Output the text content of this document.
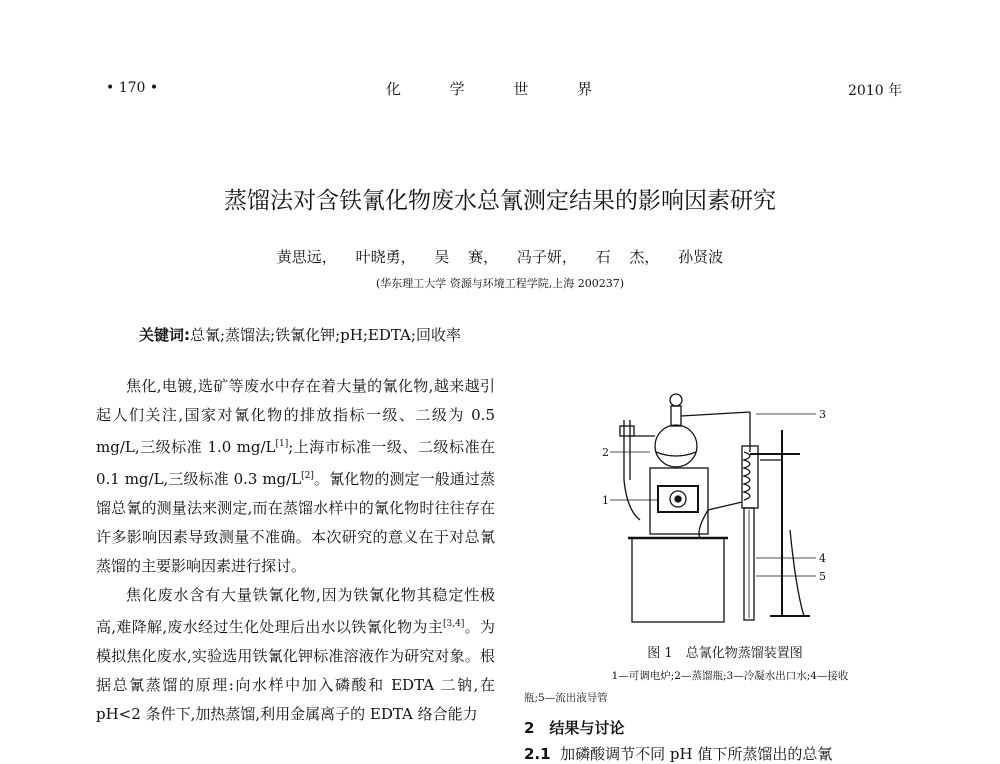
• 170 •	化 学 世 界	2010 年
蒸馏法对含铁氰化物废水总氰测定结果的影响因素研究
黄思远， 叶晓勇， 吴 赛， 冯子妍， 石 杰， 孙贤波
(华东理工大学 资源与环境工程学院,上海 200237)
关键词:总氰;蒸馏法;铁氰化钾;pH;EDTA;回收率

焦化,电镀,选矿等废水中存在着大量的氰化物,越来越引起人们关注,国家对氰化物的排放指标一级、二级为 0.5 mg/L,三级标准 1.0 mg/L[1];上海市标准一级、二级标准在 0.1 mg/L,三级标准 0.3 mg/L[2]。氰化物的测定一般通过蒸馏总氰的测量法来测定,而在蒸馏水样中的氰化物时往往存在许多影响因素导致测量不准确。本次研究的意义在于对总氰蒸馏的主要影响因素进行探讨。

焦化废水含有大量铁氰化物,因为铁氰化物其稳定性极高,难降解,废水经过生化处理后出水以铁氰化物为主[3,4]。为模拟焦化废水,实验选用铁氰化钾标准溶液作为研究对象。根据总氰蒸馏的原理:向水样中加入磷酸和 EDTA 二钠,在 pH<2 条件下,加热蒸馏,利用金属离子的 EDTA 络合能力

2
1
3
4
5
图 1　总氰化物蒸馏装置图
1—可调电炉;2—蒸馏瓶;3—冷凝水出口水;4—接收
瓶;5—流出液导管
2　结果与讨论
2.1 加磷酸调节不同 pH 值下所蒸馏出的总氰
